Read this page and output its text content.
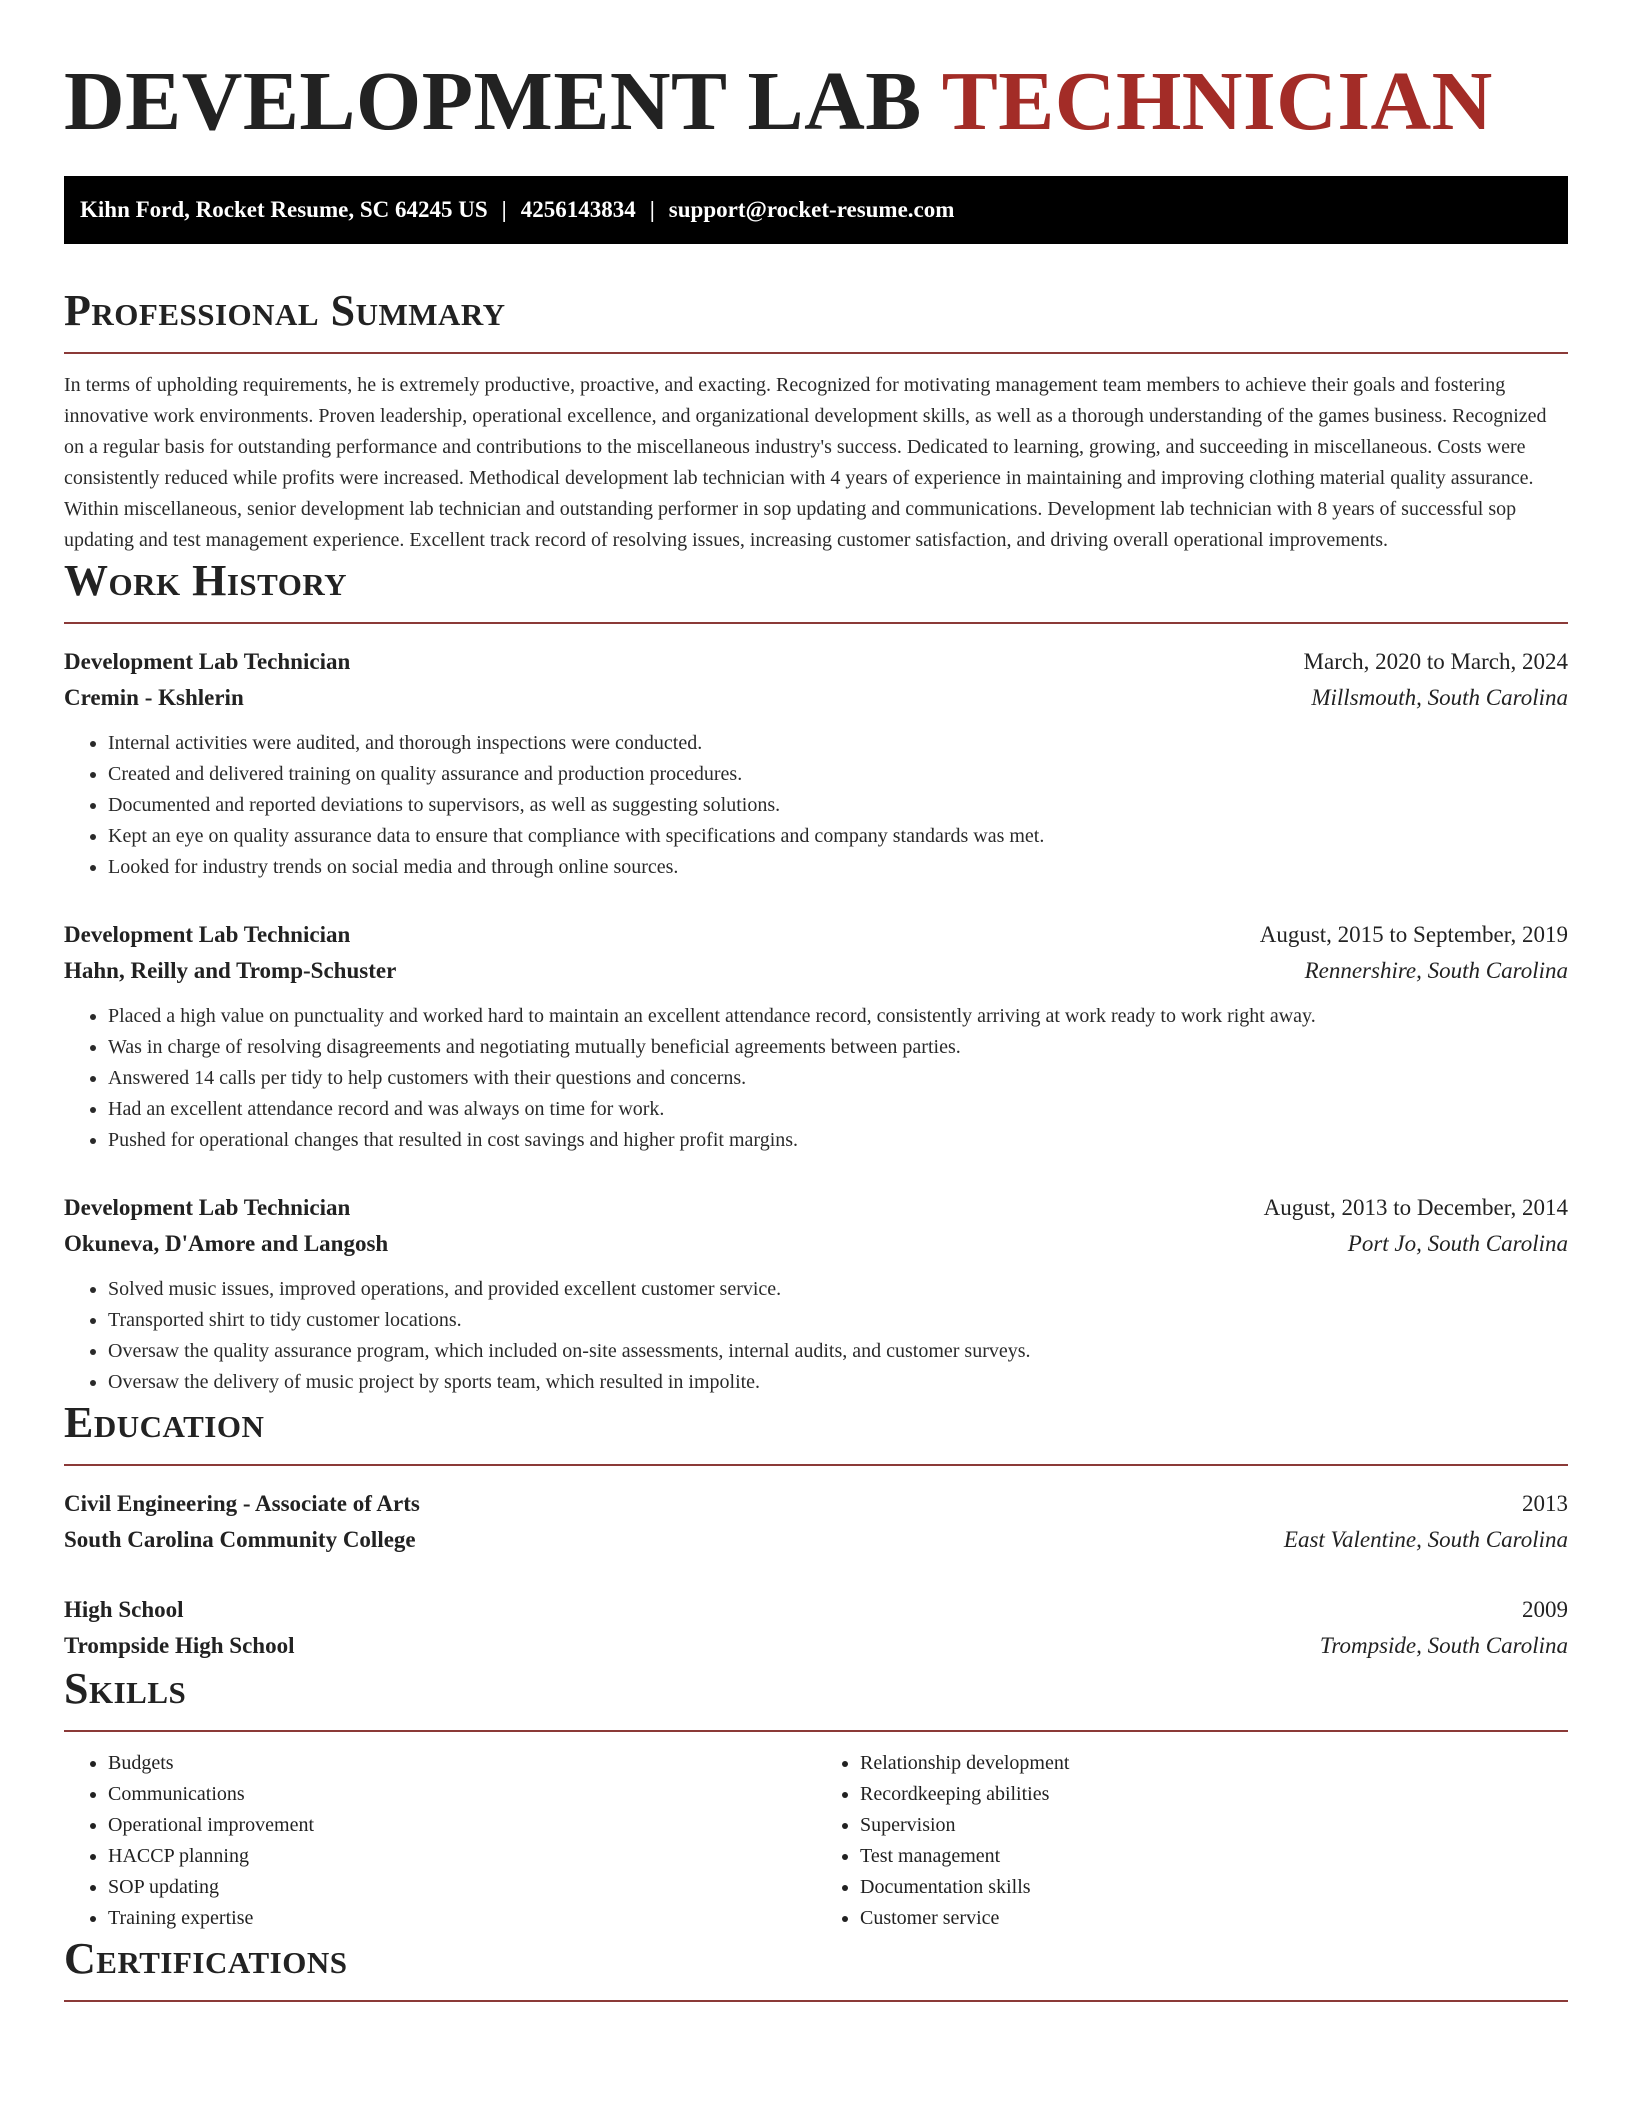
DEVELOPMENT LAB TECHNICIAN
Kihn Ford, Rocket Resume, SC 64245 US | 4256143834 | support@rocket-resume.com
Professional Summary

In terms of upholding requirements, he is extremely productive, proactive, and exacting. Recognized for motivating management team members to achieve their goals and fostering innovative work environments. Proven leadership, operational excellence, and organizational development skills, as well as a thorough understanding of the games business. Recognized on a regular basis for outstanding performance and contributions to the miscellaneous industry's success. Dedicated to learning, growing, and succeeding in miscellaneous. Costs were consistently reduced while profits were increased. Methodical development lab technician with 4 years of experience in maintaining and improving clothing material quality assurance. Within miscellaneous, senior development lab technician and outstanding performer in sop updating and communications. Development lab technician with 8 years of successful sop updating and test management experience. Excellent track record of resolving issues, increasing customer satisfaction, and driving overall operational improvements.

Work History
Development Lab Technician	March, 2020 to March, 2024
Cremin - Kshlerin	Millsmouth, South Carolina
• Internal activities were audited, and thorough inspections were conducted.
• Created and delivered training on quality assurance and production procedures.
• Documented and reported deviations to supervisors, as well as suggesting solutions.
• Kept an eye on quality assurance data to ensure that compliance with specifications and company standards was met.
• Looked for industry trends on social media and through online sources.
Development Lab Technician	August, 2015 to September, 2019
Hahn, Reilly and Tromp-Schuster	Rennershire, South Carolina
• Placed a high value on punctuality and worked hard to maintain an excellent attendance record, consistently arriving at work ready to work right away.
• Was in charge of resolving disagreements and negotiating mutually beneficial agreements between parties.
• Answered 14 calls per tidy to help customers with their questions and concerns.
• Had an excellent attendance record and was always on time for work.
• Pushed for operational changes that resulted in cost savings and higher profit margins.
Development Lab Technician	August, 2013 to December, 2014
Okuneva, D'Amore and Langosh	Port Jo, South Carolina
• Solved music issues, improved operations, and provided excellent customer service.
• Transported shirt to tidy customer locations.
• Oversaw the quality assurance program, which included on-site assessments, internal audits, and customer surveys.
• Oversaw the delivery of music project by sports team, which resulted in impolite.
Education
Civil Engineering - Associate of Arts	2013
South Carolina Community College	East Valentine, South Carolina
High School	2009
Trompside High School	Trompside, South Carolina
Skills
• Budgets
• Communications
• Operational improvement
• HACCP planning
• SOP updating
• Training expertise
• Relationship development
• Recordkeeping abilities
• Supervision
• Test management
• Documentation skills
• Customer service
Certifications
